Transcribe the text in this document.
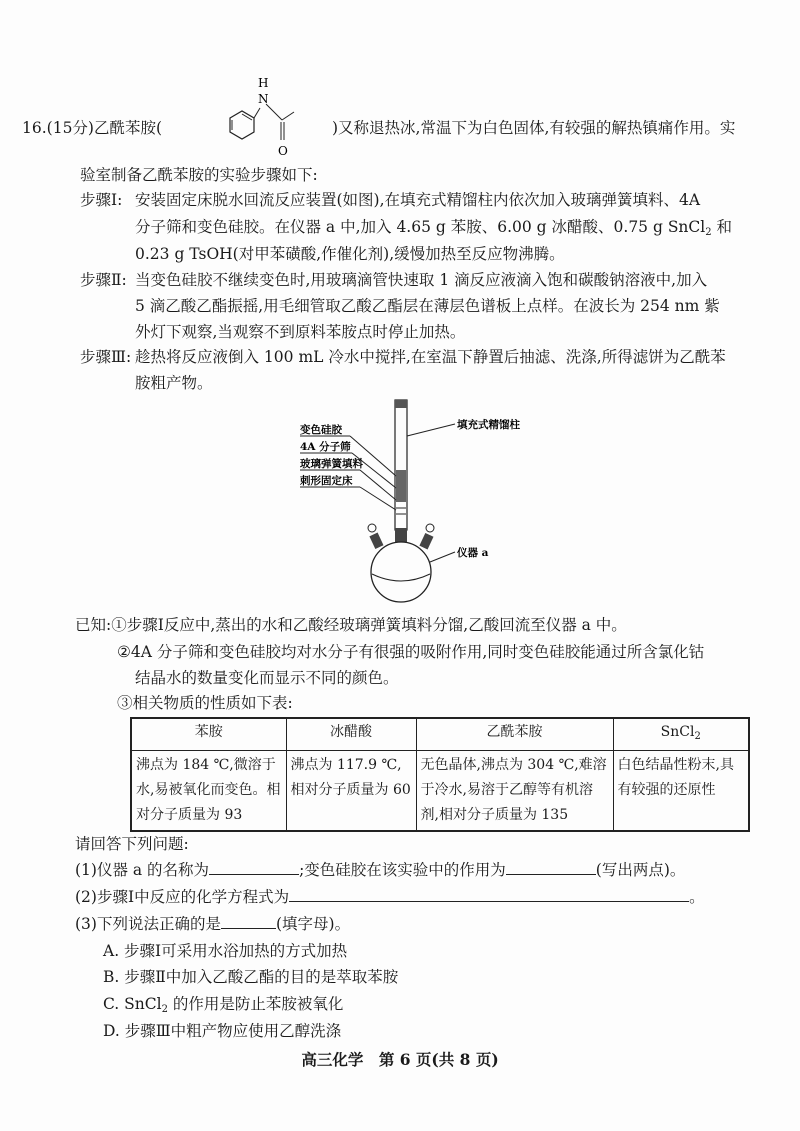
16.(15分)乙酰苯胺(	)又称退热冰,常温下为白色固体,有较强的解热镇痛作用。实
H
N
O
验室制备乙酰苯胺的实验步骤如下:
步骤Ⅰ: 安装固定床脱水回流反应装置(如图),在填充式精馏柱内依次加入玻璃弹簧填料、4A
分子筛和变色硅胶。在仪器 a 中,加入 4.65 g 苯胺、6.00 g 冰醋酸、0.75 g SnCl$_2$ 和
0.23 g TsOH(对甲苯磺酸,作催化剂),缓慢加热至反应物沸腾。
步骤Ⅱ: 当变色硅胶不继续变色时,用玻璃滴管快速取 1 滴反应液滴入饱和碳酸钠溶液中,加入
5 滴乙酸乙酯振摇,用毛细管取乙酸乙酯层在薄层色谱板上点样。在波长为 254 nm 紫
外灯下观察,当观察不到原料苯胺点时停止加热。
步骤Ⅲ: 趁热将反应液倒入 100 mL 冷水中搅拌,在室温下静置后抽滤、洗涤,所得滤饼为乙酰苯
胺粗产物。
变色硅胶
4A 分子筛
玻璃弹簧填料
刺形固定床
填充式精馏柱
仪器 a
已知:①步骤Ⅰ反应中,蒸出的水和乙酸经玻璃弹簧填料分馏,乙酸回流至仪器 a 中。
②4A 分子筛和变色硅胶均对水分子有很强的吸附作用,同时变色硅胶能通过所含氯化钴
结晶水的数量变化而显示不同的颜色。
③相关物质的性质如下表:
苯胺	冰醋酸	乙酰苯胺	SnCl$_2$
沸点为 184 ℃,微溶于水,易被氧化而变色。相对分子质量为 93	沸点为 117.9 ℃,相对分子质量为 60	无色晶体,沸点为 304 ℃,难溶于冷水,易溶于乙醇等有机溶剂,相对分子质量为 135	白色结晶性粉末,具有较强的还原性
请回答下列问题:
(1)仪器 a 的名称为	;变色硅胶在该实验中的作用为	(写出两点)。
(2)步骤Ⅰ中反应的化学方程式为	。
(3)下列说法正确的是	(填字母)。
A. 步骤Ⅰ可采用水浴加热的方式加热
B. 步骤Ⅱ中加入乙酸乙酯的目的是萃取苯胺
C. SnCl$_2$ 的作用是防止苯胺被氧化
D. 步骤Ⅲ中粗产物应使用乙醇洗涤
高三化学　第 6 页(共 8 页)
